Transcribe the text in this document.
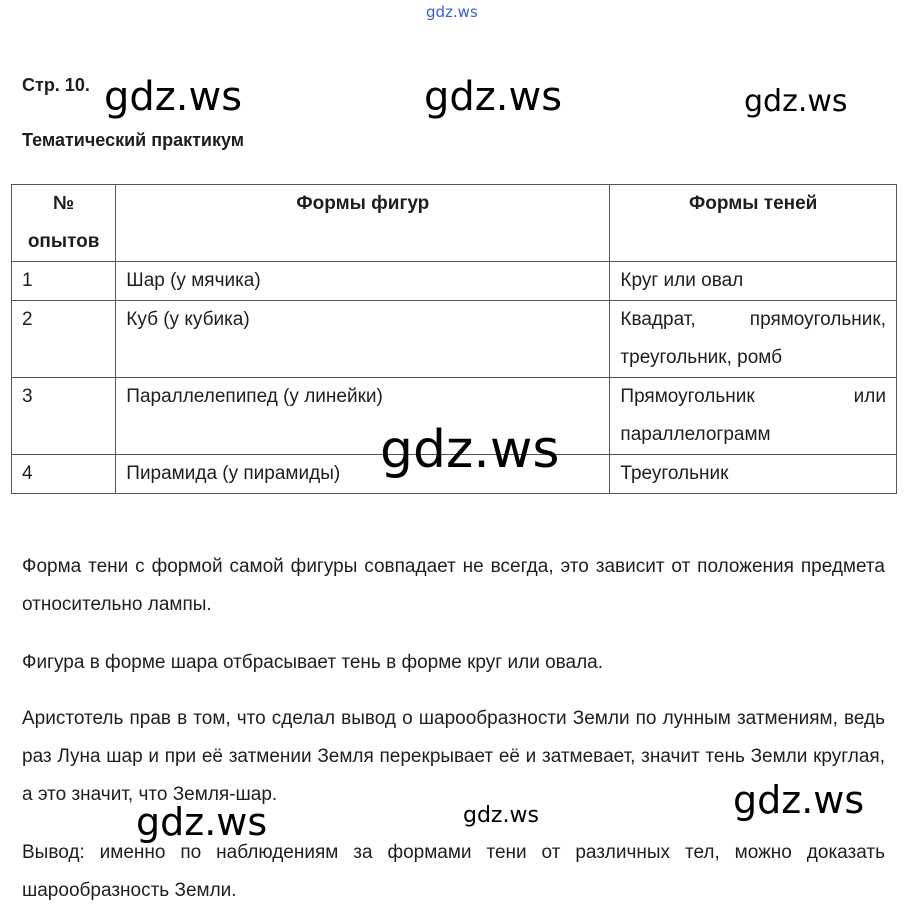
gdz.ws
Стр. 10.
Тематический практикум
№ опытов	Формы фигур	Формы теней
1	Шар (у мячика)	Круг или овал
2	Куб (у кубика)	Квадрат, прямоугольник, треугольник, ромб
3	Параллелепипед (у линейки)	Прямоугольник или параллелограмм
4	Пирамида (у пирамиды)	Треугольник
Форма тени с формой самой фигуры совпадает не всегда, это зависит от положения предмета относительно лампы.
Фигура в форме шара отбрасывает тень в форме круг или овала.
Аристотель прав в том, что сделал вывод о шарообразности Земли по лунным затмениям, ведь раз Луна шар и при её затмении Земля перекрывает её и затмевает, значит тень Земли круглая, а это значит, что Земля-шар.
Вывод: именно по наблюдениям за формами тени от различных тел, можно доказать шарообразность Земли.
gdz.ws	gdz.ws	gdz.ws
gdz.ws
gdz.ws
gdz.ws	gdz.ws
